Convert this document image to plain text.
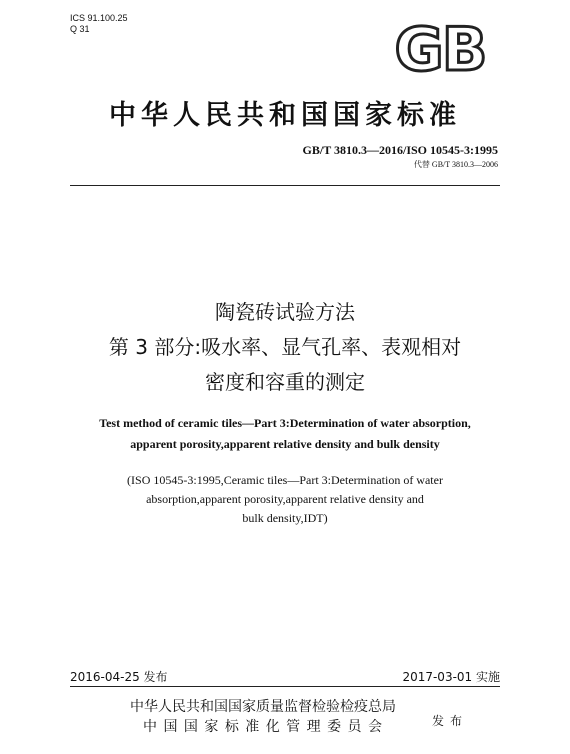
ICS 91.100.25
Q 31	GB
中华人民共和国国家标准
GB/T 3810.3—2016/ISO 10545-3:1995
代替 GB/T 3810.3—2006
陶瓷砖试验方法
第 3 部分:吸水率、显气孔率、表观相对
密度和容重的测定
Test method of ceramic tiles—Part 3:Determination of water absorption,
apparent porosity,apparent relative density and bulk density
(ISO 10545-3:1995,Ceramic tiles—Part 3:Determination of water
absorption,apparent porosity,apparent relative density and
bulk density,IDT)
2016-04-25 发布	2017-03-01 实施
中华人民共和国国家质量监督检验检疫总局
中 国 国 家 标 准 化 管 理 委 员 会	发布
